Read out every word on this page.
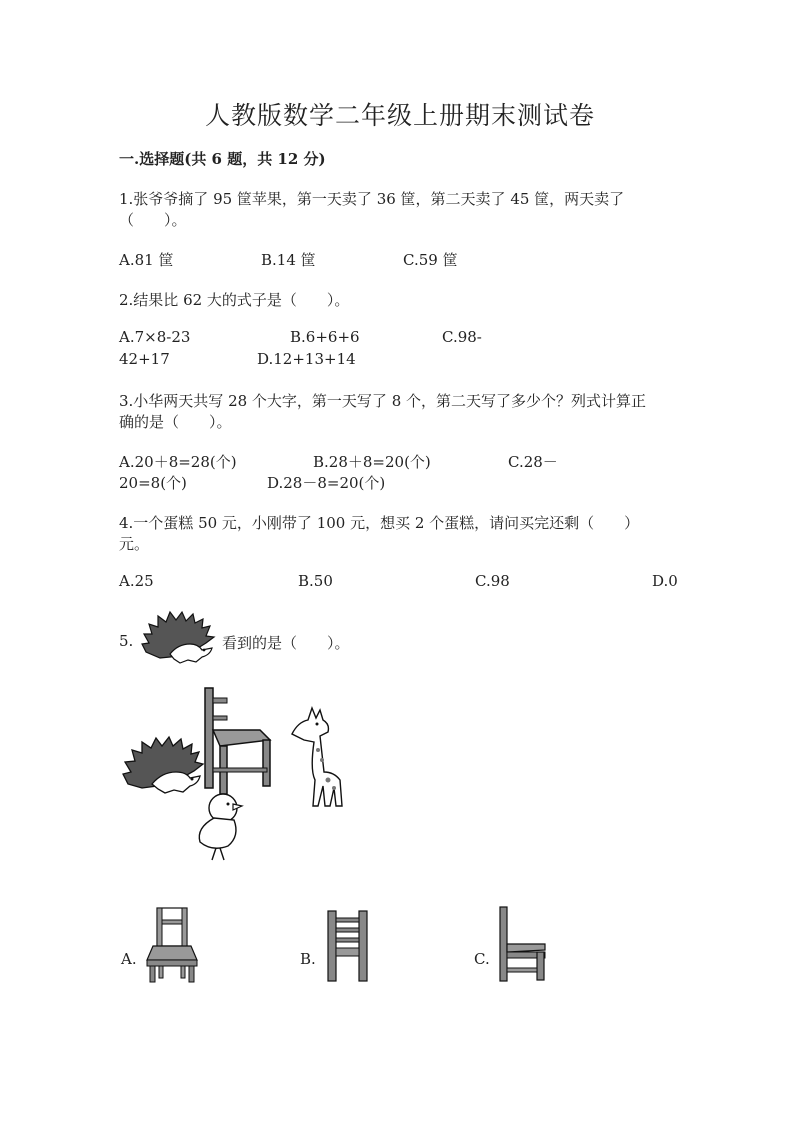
人教版数学二年级上册期末测试卷
一.选择题(共 6 题，共 12 分)
1.张爷爷摘了 95 筐苹果，第一天卖了 36 筐，第二天卖了 45 筐，两天卖了
（　　）。
A.81 筐	B.14 筐	C.59 筐
2.结果比 62 大的式子是（　　）。
A.7×8-23	B.6+6+6	C.98-
42+17	D.12+13+14
3.小华两天共写 28 个大字，第一天写了 8 个，第二天写了多少个？列式计算正
确的是（　　）。
A.20＋8=28(个)	B.28＋8=20(个)	C.28－
20=8(个)	D.28－8=20(个)
4.一个蛋糕 50 元，小刚带了 100 元，想买 2 个蛋糕，请问买完还剩（　　）
元。
A.25	B.50	C.98	D.0
5.	看到的是（　　）。
A.	B.	C.
